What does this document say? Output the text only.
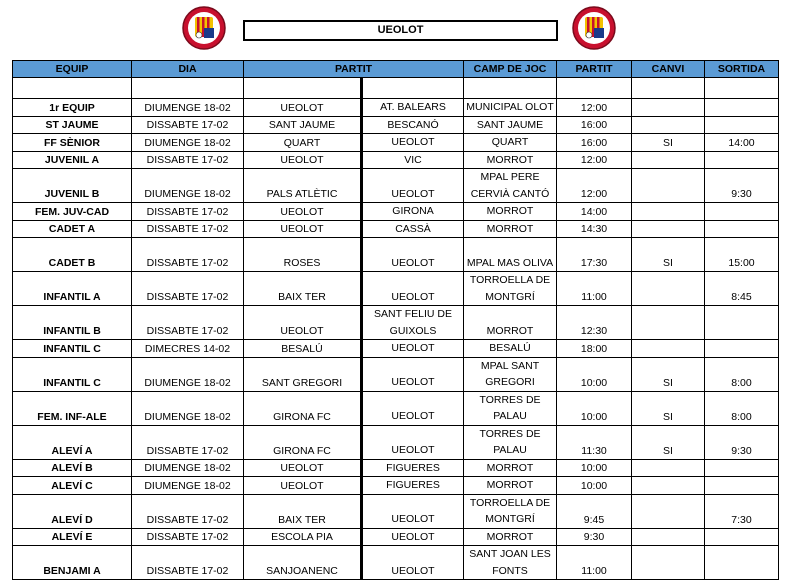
UEOLOT
EQUIP	DIA	PARTIT		CAMP DE JOC	PARTIT	CANVI	SORTIDA

1r EQUIP	DIUMENGE 18-02	UEOLOT	AT. BALEARS	MUNICIPAL OLOT	12:00		
ST JAUME	DISSABTE 17-02	SANT JAUME	BESCANÓ	SANT JAUME	16:00		
FF SÈNIOR	DIUMENGE 18-02	QUART	UEOLOT	QUART	16:00	SI	14:00
JUVENIL A	DISSABTE 17-02	UEOLOT	VIC	MORROT	12:00		
JUVENIL B	DIUMENGE 18-02	PALS ATLÈTIC	UEOLOT	MPAL PERE CERVIÀ CANTÓ	12:00		9:30
FEM. JUV-CAD	DISSABTE 17-02	UEOLOT	GIRONA	MORROT	14:00		
CADET A	DISSABTE 17-02	UEOLOT	CASSÀ	MORROT	14:30		
CADET B	DISSABTE 17-02	ROSES	UEOLOT	MPAL MAS OLIVA	17:30	SI	15:00
INFANTIL A	DISSABTE 17-02	BAIX TER	UEOLOT	TORROELLA DE MONTGRÍ	11:00		8:45
INFANTIL B	DISSABTE 17-02	UEOLOT	SANT FELIU DE GUIXOLS	MORROT	12:30		
INFANTIL C	DIMECRES 14-02	BESALÚ	UEOLOT	BESALÚ	18:00		
INFANTIL C	DIUMENGE 18-02	SANT GREGORI	UEOLOT	MPAL SANT GREGORI	10:00	SI	8:00
FEM. INF-ALE	DIUMENGE 18-02	GIRONA FC	UEOLOT	TORRES DE PALAU	10:00	SI	8:00
ALEVÍ A	DISSABTE 17-02	GIRONA FC	UEOLOT	TORRES DE PALAU	11:30	SI	9:30
ALEVÍ B	DIUMENGE 18-02	UEOLOT	FIGUERES	MORROT	10:00		
ALEVÍ C	DIUMENGE 18-02	UEOLOT	FIGUERES	MORROT	10:00		
ALEVÍ D	DISSABTE 17-02	BAIX TER	UEOLOT	TORROELLA DE MONTGRÍ	9:45		7:30
ALEVÍ E	DISSABTE 17-02	ESCOLA PIA	UEOLOT	MORROT	9:30		
BENJAMI A	DISSABTE 17-02	SANJOANENC	UEOLOT	SANT JOAN LES FONTS	11:00		
